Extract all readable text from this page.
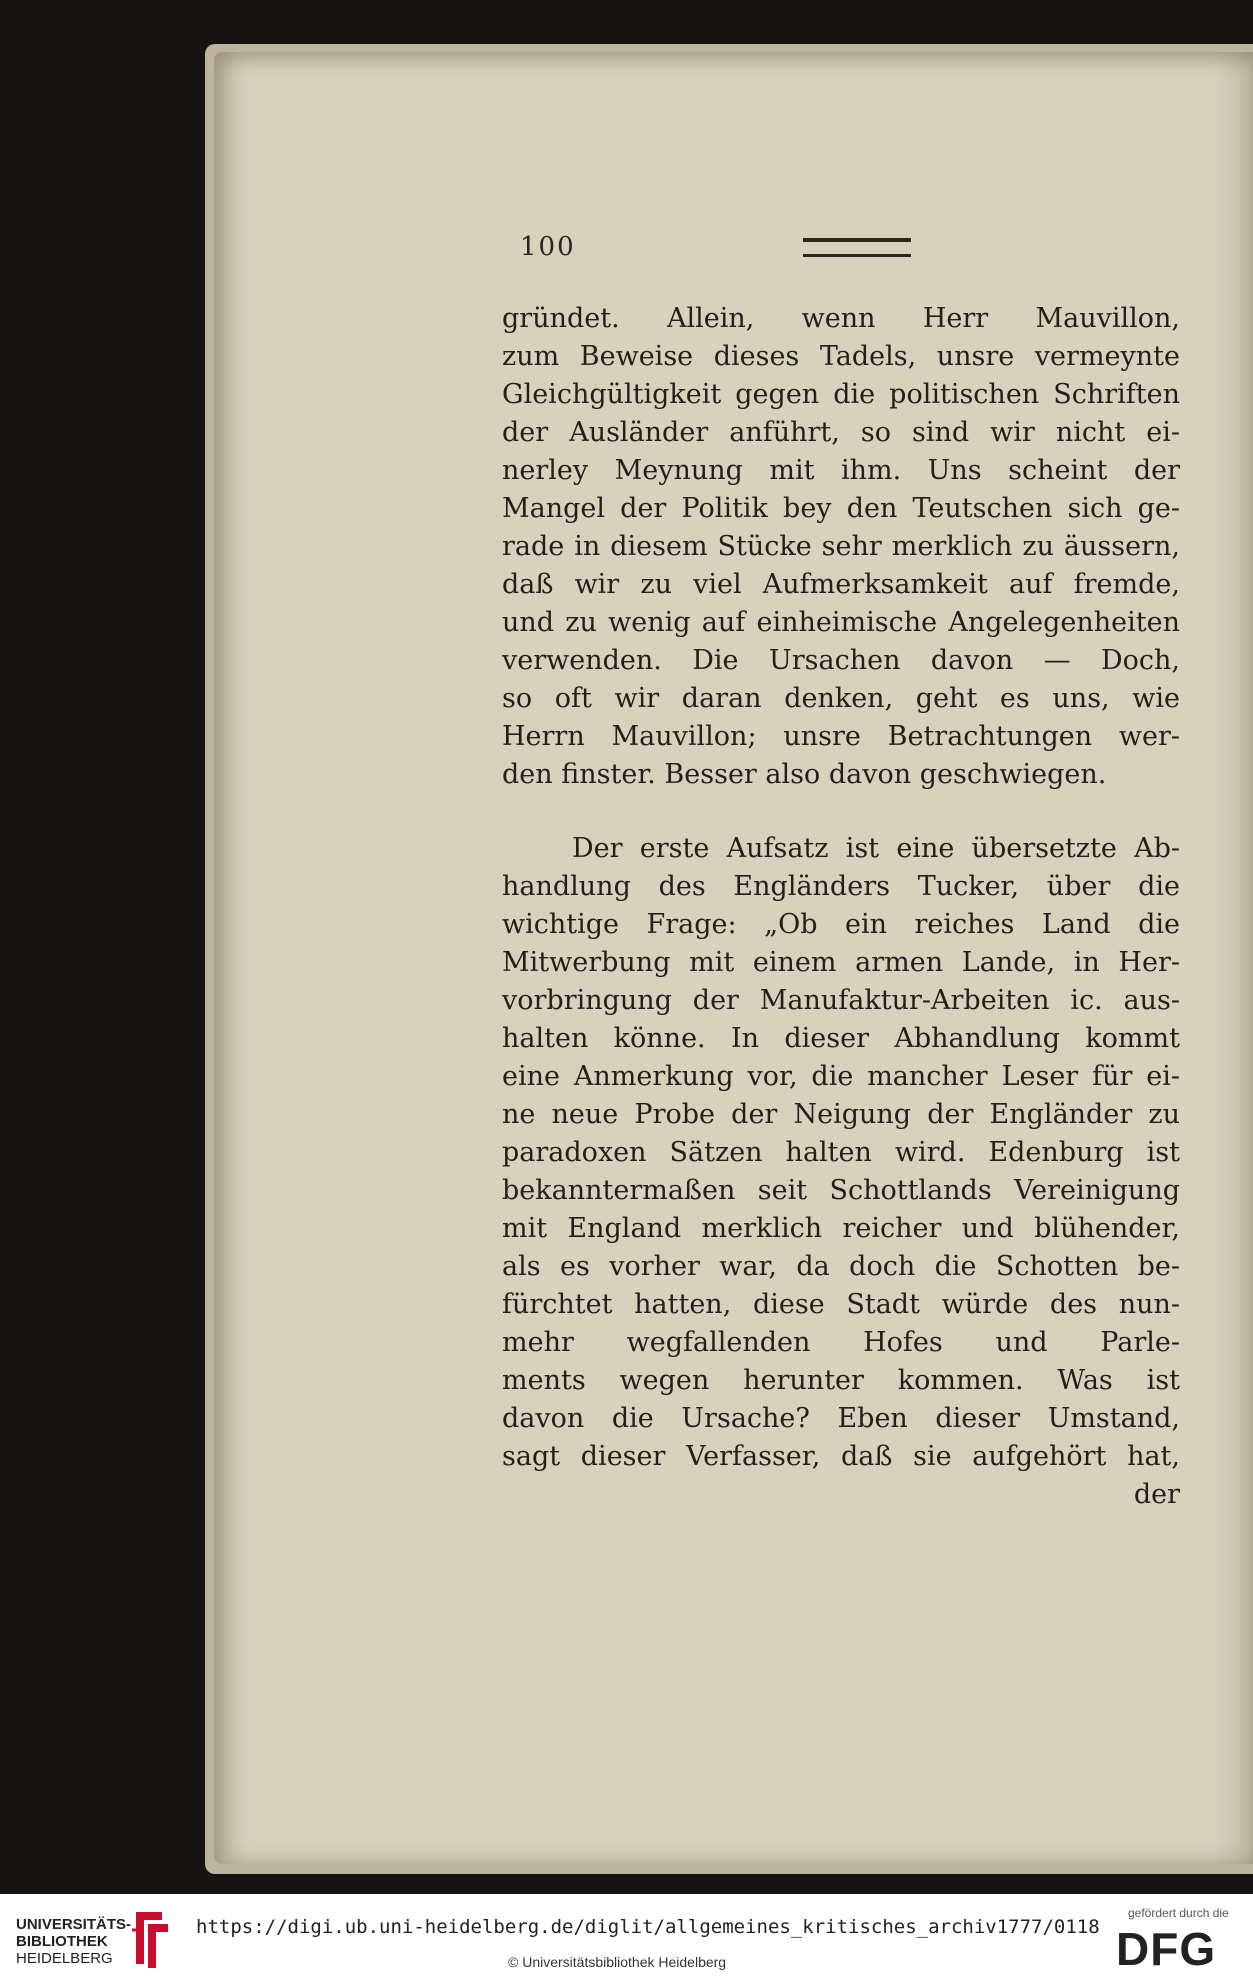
100
gründet. Allein, wenn Herr Mauvillon,
zum Beweise dieses Tadels, unsre vermeynte
Gleichgültigkeit gegen die politischen Schriften
der Ausländer anführt, so sind wir nicht ei-
nerley Meynung mit ihm. Uns scheint der
Mangel der Politik bey den Teutschen sich ge-
rade in diesem Stücke sehr merklich zu äussern,
daß wir zu viel Aufmerksamkeit auf fremde,
und zu wenig auf einheimische Angelegenheiten
verwenden. Die Ursachen davon — Doch,
so oft wir daran denken, geht es uns, wie
Herrn Mauvillon; unsre Betrachtungen wer-
den finster. Besser also davon geschwiegen.
Der erste Aufsatz ist eine übersetzte Ab-
handlung des Engländers Tucker, über die
wichtige Frage: „Ob ein reiches Land die
Mitwerbung mit einem armen Lande, in Her-
vorbringung der Manufaktur-Arbeiten ic. aus-
halten könne. In dieser Abhandlung kommt
eine Anmerkung vor, die mancher Leser für ei-
ne neue Probe der Neigung der Engländer zu
paradoxen Sätzen halten wird. Edenburg ist
bekanntermaßen seit Schottlands Vereinigung
mit England merklich reicher und blühender,
als es vorher war, da doch die Schotten be-
fürchtet hatten, diese Stadt würde des nun-
mehr wegfallenden Hofes und Parle-
ments wegen herunter kommen. Was ist
davon die Ursache? Eben dieser Umstand,
sagt dieser Verfasser, daß sie aufgehört hat,
der
UNIVERSITÄTS-
BIBLIOTHEK
HEIDELBERG
https://digi.ub.uni-heidelberg.de/diglit/allgemeines_kritisches_archiv1777/0118
© Universitätsbibliothek Heidelberg
gefördert durch die
DFG
